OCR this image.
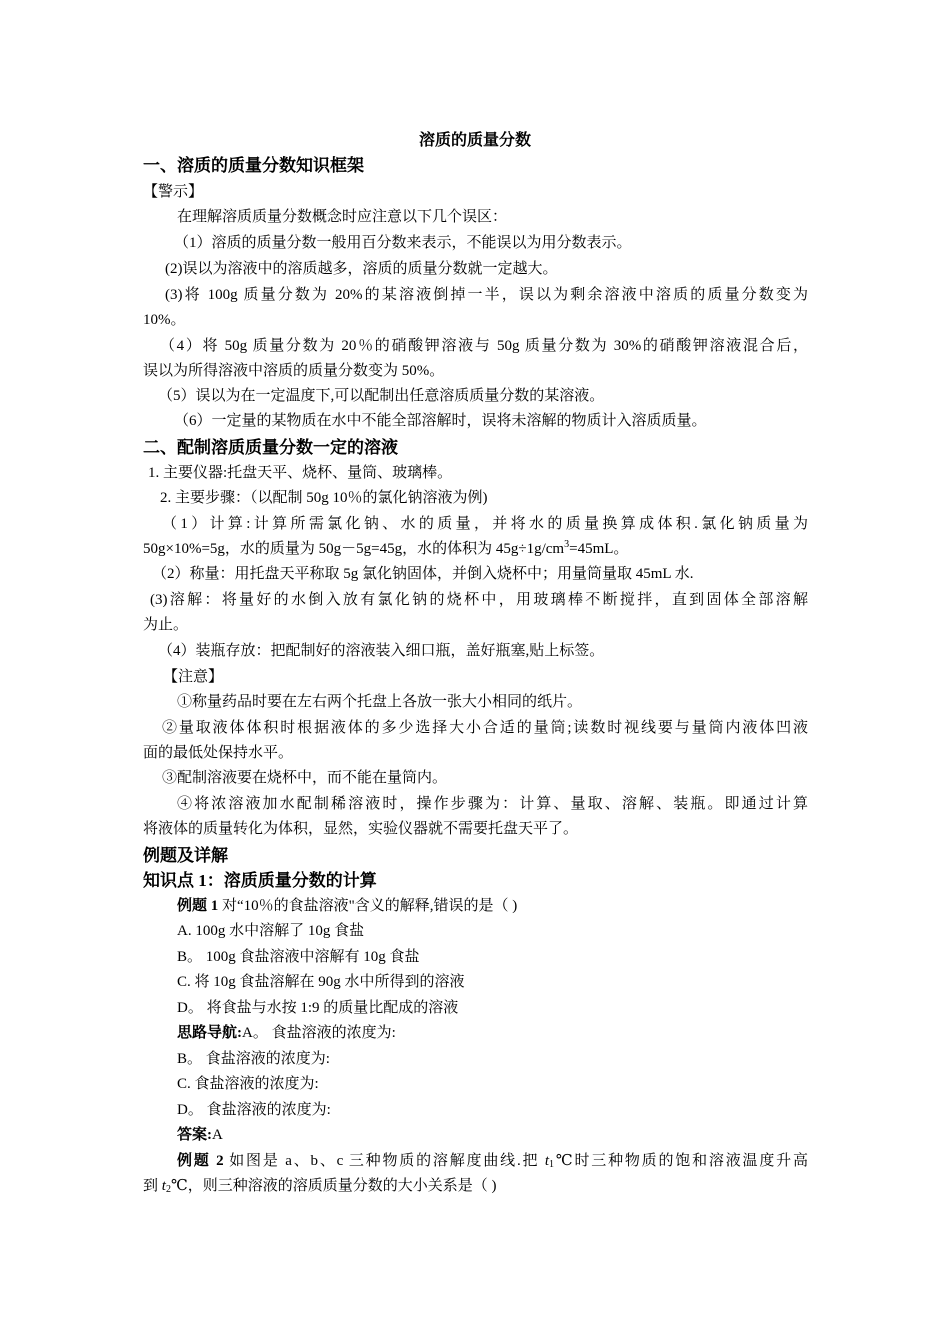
溶质的质量分数
一、溶质的质量分数知识框架
【警示】
在理解溶质质量分数概念时应注意以下几个误区：
（1）溶质的质量分数一般用百分数来表示，不能误以为用分数表示。
(2)误以为溶液中的溶质越多，溶质的质量分数就一定越大。
(3)将 100g 质量分数为 20%的某溶液倒掉一半，误以为剩余溶液中溶质的质量分数变为
10%。
（4）将 50g 质量分数为 20％的硝酸钾溶液与 50g 质量分数为 30%的硝酸钾溶液混合后，
误以为所得溶液中溶质的质量分数变为 50%。
（5）误以为在一定温度下,可以配制出任意溶质质量分数的某溶液。
（6）一定量的某物质在水中不能全部溶解时，误将未溶解的物质计入溶质质量。
二、配制溶质质量分数一定的溶液
1. 主要仪器:托盘天平、烧杯、量筒、玻璃棒。
2. 主要步骤：（以配制 50g 10％的氯化钠溶液为例)
（1）计算:计算所需氯化钠、水的质量，并将水的质量换算成体积.氯化钠质量为
50g×10%=5g，水的质量为 50g－5g=45g，水的体积为 $45g\div 1g/cm^3=45mL$。
（2）称量：用托盘天平称取 5g 氯化钠固体，并倒入烧杯中；用量筒量取 45mL 水.
(3)溶解：将量好的水倒入放有氯化钠的烧杯中，用玻璃棒不断搅拌，直到固体全部溶解
为止。
（4）装瓶存放：把配制好的溶液装入细口瓶，盖好瓶塞,贴上标签。
【注意】
①称量药品时要在左右两个托盘上各放一张大小相同的纸片。
②量取液体体积时根据液体的多少选择大小合适的量筒;读数时视线要与量筒内液体凹液
面的最低处保持水平。
③配制溶液要在烧杯中，而不能在量筒内。
④将浓溶液加水配制稀溶液时，操作步骤为：计算、量取、溶解、装瓶。即通过计算
将液体的质量转化为体积，显然，实验仪器就不需要托盘天平了。
例题及详解
知识点 1：溶质质量分数的计算
例题 1 对“10％的食盐溶液"含义的解释,错误的是（ )
A. 100g 水中溶解了 10g 食盐
B。 100g 食盐溶液中溶解有 10g 食盐
C. 将 10g 食盐溶解在 90g 水中所得到的溶液
D。 将食盐与水按 1:9 的质量比配成的溶液
思路导航:A。 食盐溶液的浓度为:
B。 食盐溶液的浓度为:
C. 食盐溶液的浓度为:
D。 食盐溶液的浓度为:
答案:A
例题 2 如图是 a、b、c 三种物质的溶解度曲线.把 $t_1℃$时三种物质的饱和溶液温度升高
到 $t_2℃$，则三种溶液的溶质质量分数的大小关系是（ )
